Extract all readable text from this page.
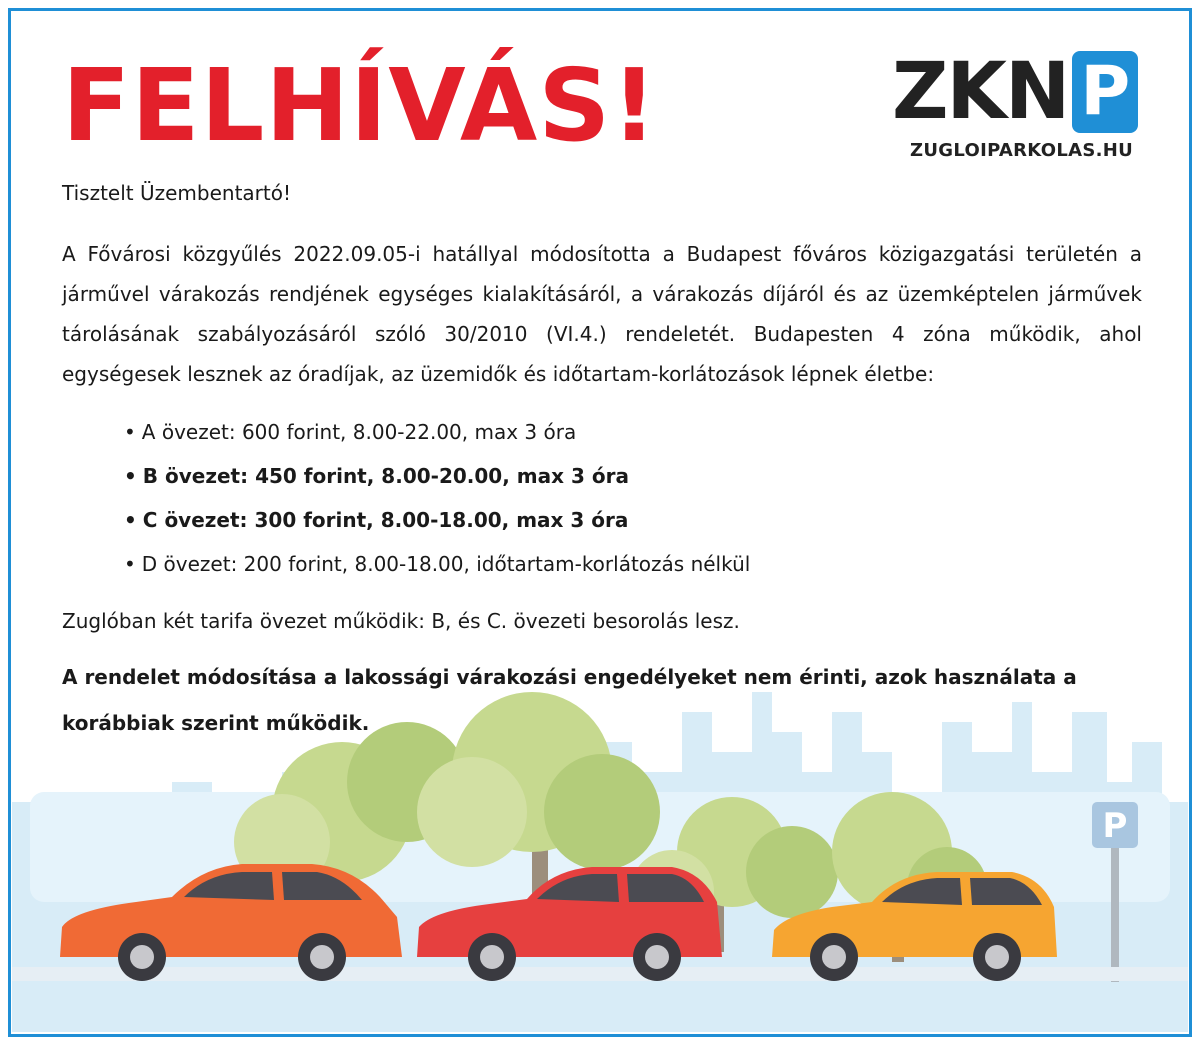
P
FELHÍVÁS!	ZKN P
ZUGLOIPARKOLAS.HU

Tisztelt Üzembentartó!

A Fővárosi közgyűlés 2022.09.05-i hatállyal módosította a Budapest főváros közigazgatási területén a járművel várakozás rendjének egységes kialakításáról, a várakozás díjáról és az üzemképtelen járművek tárolásának szabályozásáról szóló 30/2010 (VI.4.) rendeletét. Budapesten 4 zóna működik, ahol egységesek lesznek az óradíjak, az üzemidők és időtartam-korlátozások lépnek életbe:

• A övezet: 600 forint, 8.00-22.00, max 3 óra
• B övezet: 450 forint, 8.00-20.00, max 3 óra
• C övezet: 300 forint, 8.00-18.00, max 3 óra
• D övezet: 200 forint, 8.00-18.00, időtartam-korlátozás nélkül

Zuglóban két tarifa övezet működik: B, és C. övezeti besorolás lesz.

A rendelet módosítása a lakossági várakozási engedélyeket nem érinti, azok használata a korábbiak szerint működik.
